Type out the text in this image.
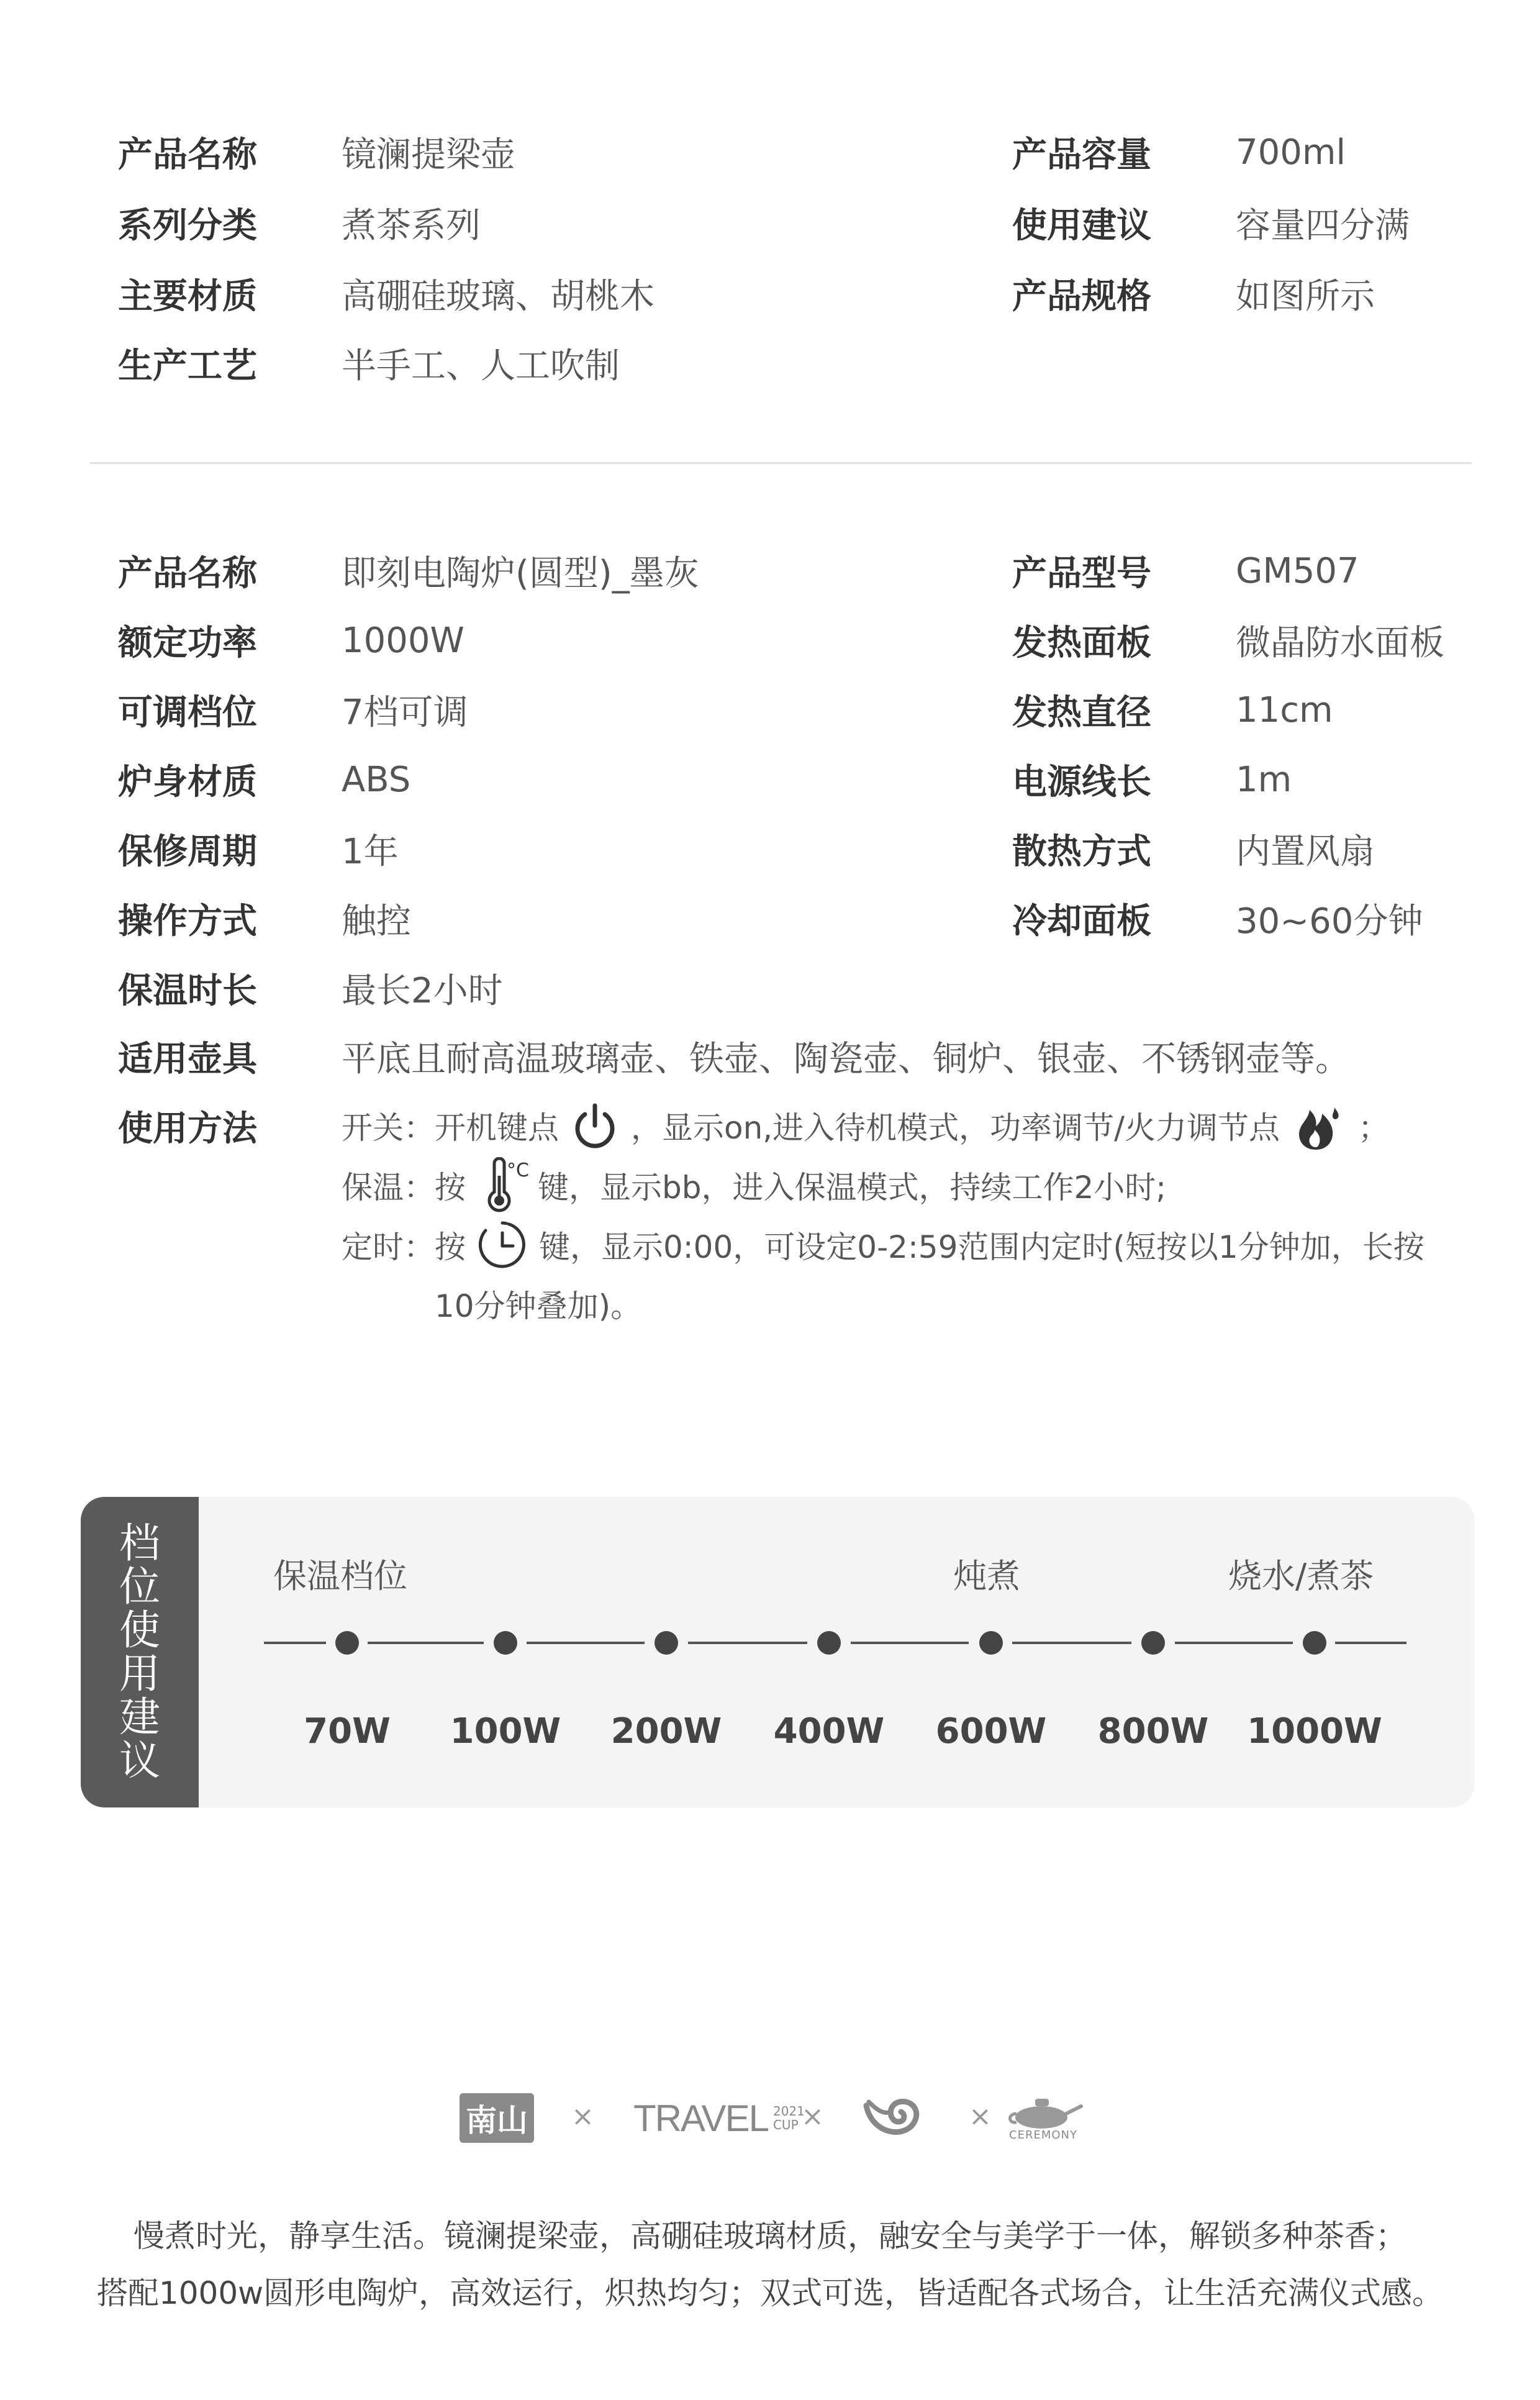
产品名称	镜澜提梁壶
系列分类	煮茶系列
主要材质	高硼硅玻璃、胡桃木
生产工艺	半手工、人工吹制
产品容量	700ml
使用建议	容量四分满
产品规格	如图所示
产品名称	即刻电陶炉(圆型)_墨灰
额定功率	1000W
可调档位	7档可调
炉身材质	ABS
保修周期	1年
操作方式	触控
保温时长	最长2小时
适用壶具	平底且耐高温玻璃壶、铁壶、陶瓷壶、铜炉、银壶、不锈钢壶等。
产品型号	GM507
发热面板	微晶防水面板
发热直径	11cm
电源线长	1m
散热方式	内置风扇
冷却面板	30~60分钟
使用方法	开关：开机键点 ，显示on,进入待机模式，功率调节/火力调节点	；
保温：按 °C 键，显示bb，进入保温模式，持续工作2小时;
定时：按 键，显示0:00，可设定0-2:59范围内定时(短按以1分钟加，长按
10分钟叠加)。
档位使用建议
保温档位	炖煮	烧水/煮茶
70W 100W 200W 400W 600W 800W 1000W
南山 × TRAVEL 2021
CUP ×	×
CEREMONY
慢煮时光，静享生活。镜澜提梁壶，高硼硅玻璃材质，融安全与美学于一体，解锁多种茶香；
搭配1000w圆形电陶炉，高效运行，炽热均匀；双式可选，皆适配各式场合，让生活充满仪式感。
